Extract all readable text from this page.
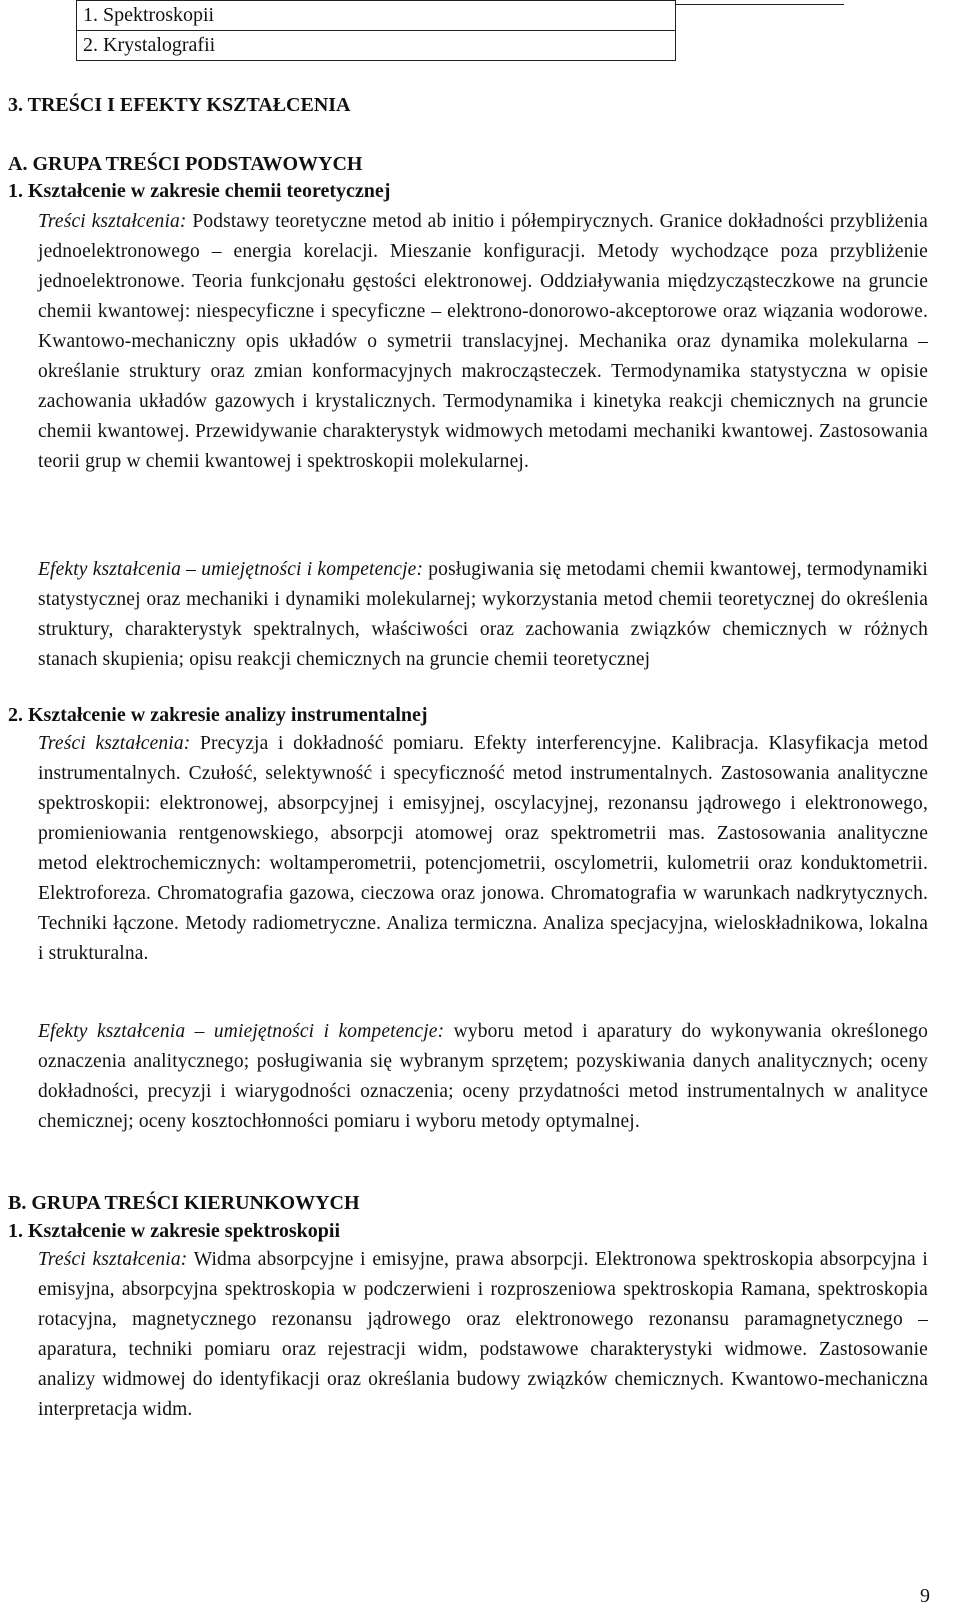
1. Spektroskopii
2. Krystalografii
3. TREŚCI I EFEKTY KSZTAŁCENIA
A. GRUPA TREŚCI PODSTAWOWYCH
1. Kształcenie w zakresie chemii teoretycznej
Treści kształcenia: Podstawy teoretyczne metod ab initio i półempirycznych. Granice dokładności przybliżenia jednoelektronowego – energia korelacji. Mieszanie konfiguracji. Metody wychodzące poza przybliżenie jednoelektronowe. Teoria funkcjonału gęstości elektronowej. Oddziaływania międzycząsteczkowe na gruncie chemii kwantowej: niespecyficzne i specyficzne – elektrono-donorowo-akceptorowe oraz wiązania wodorowe. Kwantowo-mechaniczny opis układów o symetrii translacyjnej. Mechanika oraz dynamika molekularna – określanie struktury oraz zmian konformacyjnych makrocząsteczek. Termodynamika statystyczna w opisie zachowania układów gazowych i krystalicznych. Termodynamika i kinetyka reakcji chemicznych na gruncie chemii kwantowej. Przewidywanie charakterystyk widmowych metodami mechaniki kwantowej. Zastosowania teorii grup w chemii kwantowej i spektroskopii molekularnej.
Efekty kształcenia – umiejętności i kompetencje: posługiwania się metodami chemii kwantowej, termodynamiki statystycznej oraz mechaniki i dynamiki molekularnej; wykorzystania metod chemii teoretycznej do określenia struktury, charakterystyk spektralnych, właściwości oraz zachowania związków chemicznych w różnych stanach skupienia; opisu reakcji chemicznych na gruncie chemii teoretycznej
2. Kształcenie w zakresie analizy instrumentalnej
Treści kształcenia: Precyzja i dokładność pomiaru. Efekty interferencyjne. Kalibracja. Klasyfikacja metod instrumentalnych. Czułość, selektywność i specyficzność metod instrumentalnych. Zastosowania analityczne spektroskopii: elektronowej, absorpcyjnej i emisyjnej, oscylacyjnej, rezonansu jądrowego i elektronowego, promieniowania rentgenowskiego, absorpcji atomowej oraz spektrometrii mas. Zastosowania analityczne metod elektrochemicznych: woltamperometrii, potencjometrii, oscylometrii, kulometrii oraz konduktometrii. Elektroforeza. Chromatografia gazowa, cieczowa oraz jonowa. Chromatografia w warunkach nadkrytycznych. Techniki łączone. Metody radiometryczne. Analiza termiczna. Analiza specjacyjna, wieloskładnikowa, lokalna i strukturalna.
Efekty kształcenia – umiejętności i kompetencje: wyboru metod i aparatury do wykonywania określonego oznaczenia analitycznego; posługiwania się wybranym sprzętem; pozyskiwania danych analitycznych; oceny dokładności, precyzji i wiarygodności oznaczenia; oceny przydatności metod instrumentalnych w analityce chemicznej; oceny kosztochłonności pomiaru i wyboru metody optymalnej.
B. GRUPA TREŚCI KIERUNKOWYCH
1. Kształcenie w zakresie spektroskopii
Treści kształcenia: Widma absorpcyjne i emisyjne, prawa absorpcji. Elektronowa spektroskopia absorpcyjna i emisyjna, absorpcyjna spektroskopia w podczerwieni i rozproszeniowa spektroskopia Ramana, spektroskopia rotacyjna, magnetycznego rezonansu jądrowego oraz elektronowego rezonansu paramagnetycznego – aparatura, techniki pomiaru oraz rejestracji widm, podstawowe charakterystyki widmowe. Zastosowanie analizy widmowej do identyfikacji oraz określania budowy związków chemicznych. Kwantowo-mechaniczna interpretacja widm.
9
